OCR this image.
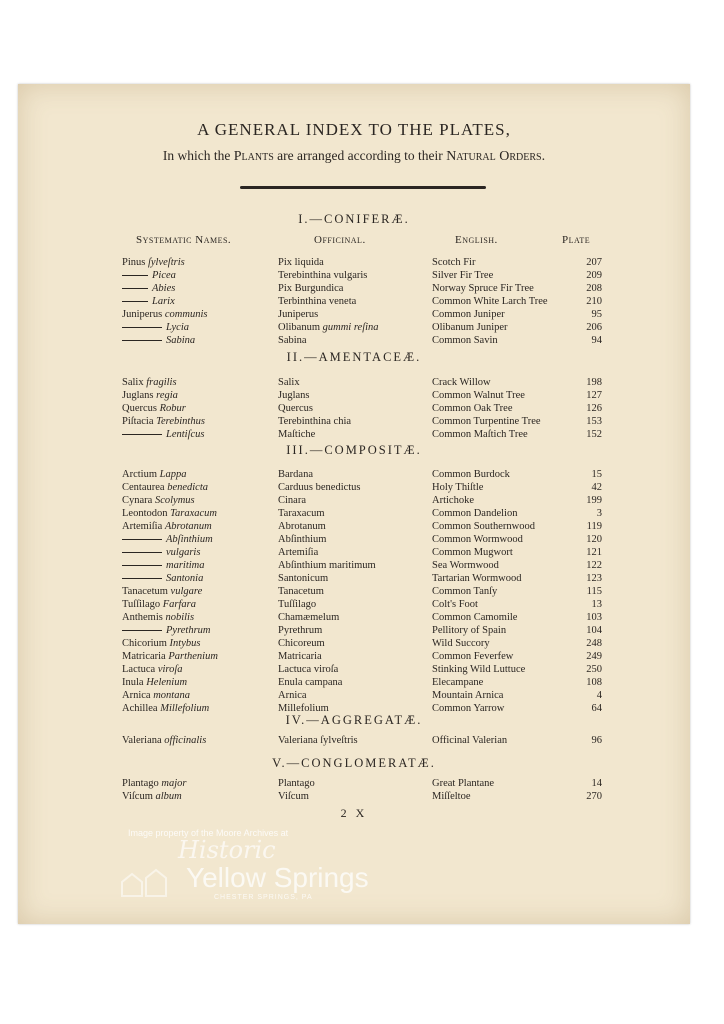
A GENERAL INDEX TO THE PLATES,
In which the Plants are arranged according to their Natural Orders.
I.—CONIFERÆ.
Systematic Names.	Officinal.	English.	Plate
II.—AMENTACEÆ.
III.—COMPOSITÆ.
IV.—AGGREGATÆ.
V.—CONGLOMERATÆ.
Pinus ſylveſtris	Pix liquida	Scotch Fir	207
Picea	Terebinthina vulgaris	Silver Fir Tree	209
Abies	Pix Burgundica	Norway Spruce Fir Tree	208
Larix	Terbinthina veneta	Common White Larch Tree	210
Juniperus communis	Juniperus	Common Juniper	95
Lycia	Olibanum gummi reſina	Olibanum Juniper	206
Sabina	Sabina	Common Savin	94
Salix fragilis	Salix	Crack Willow	198
Juglans regia	Juglans	Common Walnut Tree	127
Quercus Robur	Quercus	Common Oak Tree	126
Piſtacia Terebinthus	Terebinthina chia	Common Turpentine Tree	153
Lentiſcus	Maſtiche	Common Maſtich Tree	152
Arctium Lappa	Bardana	Common Burdock	15
Centaurea benedicta	Carduus benedictus	Holy Thiſtle	42
Cynara Scolymus	Cinara	Artichoke	199
Leontodon Taraxacum	Taraxacum	Common Dandelion	3
Artemiſia Abrotanum	Abrotanum	Common Southernwood	119
Abſinthium	Abſinthium	Common Wormwood	120
vulgaris	Artemiſia	Common Mugwort	121
maritima	Abſinthium maritimum	Sea Wormwood	122
Santonia	Santonicum	Tartarian Wormwood	123
Tanacetum vulgare	Tanacetum	Common Tanſy	115
Tuſſilago Farfara	Tuſſilago	Colt's Foot	13
Anthemis nobilis	Chamæmelum	Common Camomile	103
Pyrethrum	Pyrethrum	Pellitory of Spain	104
Chicorium Intybus	Chicoreum	Wild Succory	248
Matricaria Parthenium	Matricaria	Common Feverfew	249
Lactuca viroſa	Lactuca viroſa	Stinking Wild Luttuce	250
Inula Helenium	Enula campana	Elecampane	108
Arnica montana	Arnica	Mountain Arnica	4
Achillea Millefolium	Millefolium	Common Yarrow	64
Valeriana officinalis	Valeriana ſylveſtris	Officinal Valerian	96
Plantago major	Plantago	Great Plantane	14
Viſcum album	Viſcum	Miſſeltoe	270
2 X
Image property of the Moore Archives at
Historic
Yellow Springs
CHESTER SPRINGS, PA
